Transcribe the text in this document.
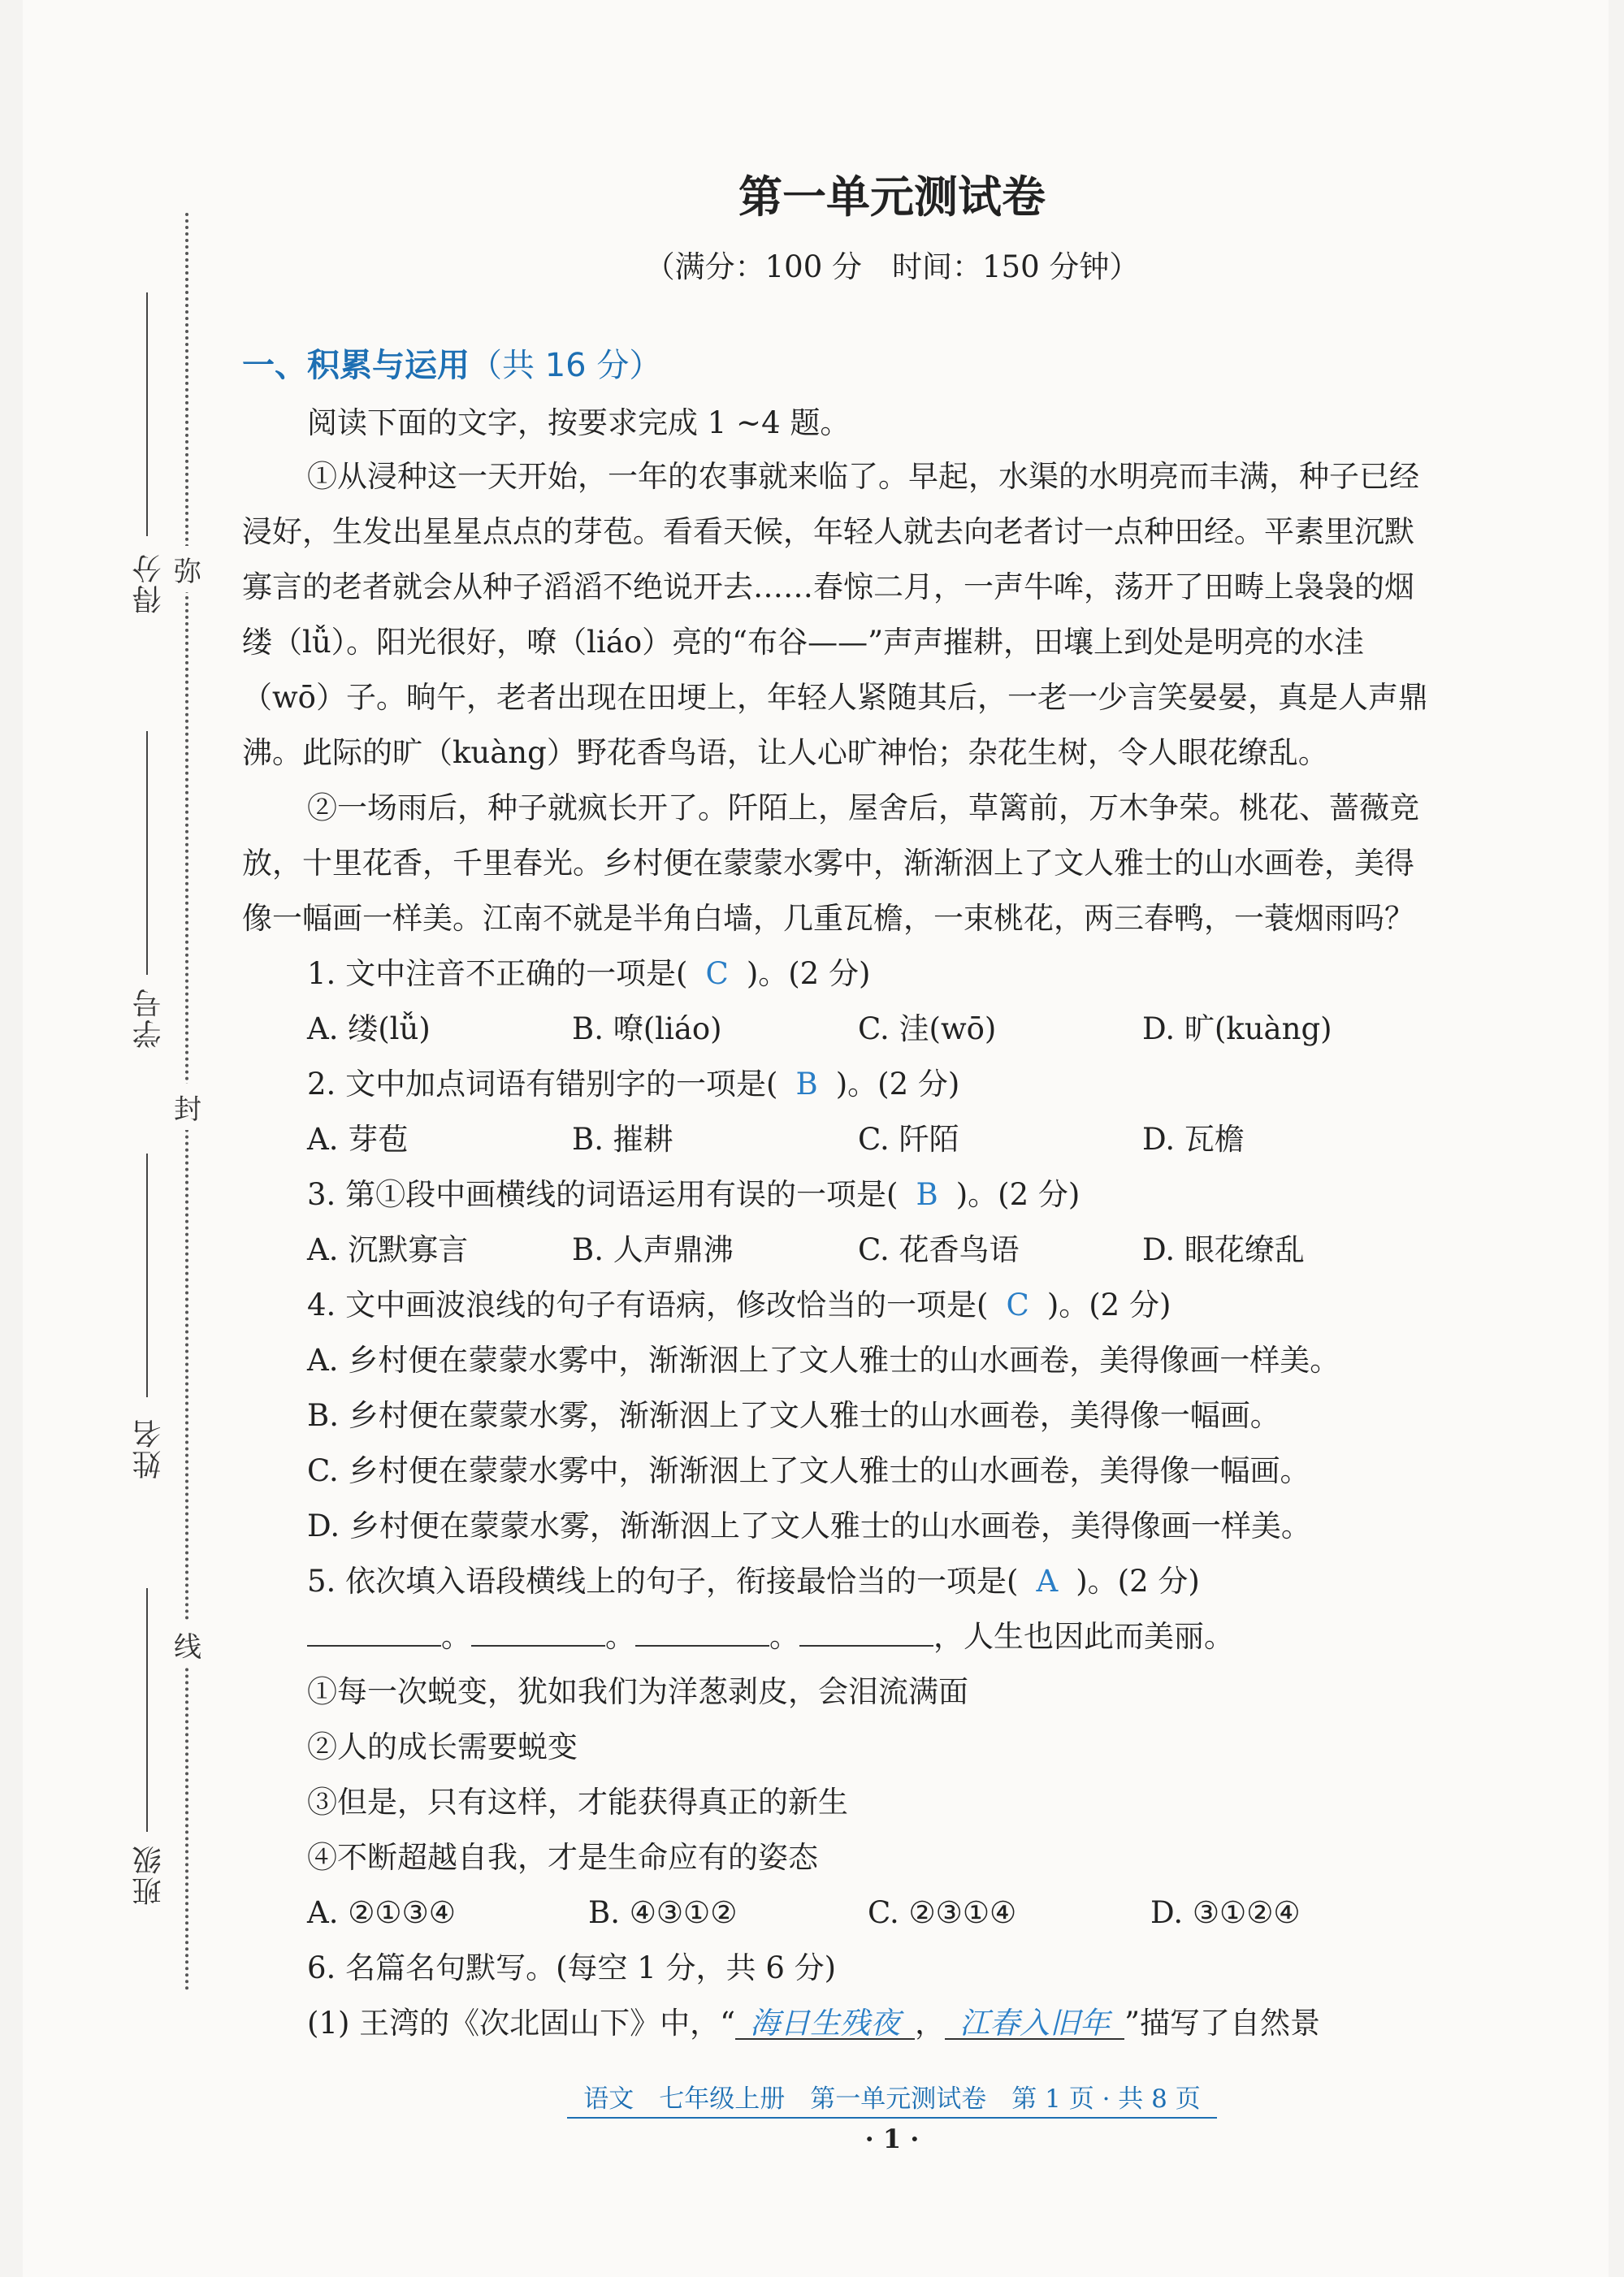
得分
学号
姓名
班级
弥
封
线
第一单元测试卷
（满分：100 分　时间：150 分钟）
一、积累与运用（共 16 分）
阅读下面的文字，按要求完成 1 ~4 题。
①从浸种这一天开始，一年的农事就来临了。早起，水渠的水明亮而丰满，种子已经
浸好，生发出星星点点的芽苞。看看天候，年轻人就去向老者讨一点种田经。平素里沉默
寡言的老者就会从种子滔滔不绝说开去……春惊二月，一声牛哞，荡开了田畴上袅袅的烟
缕（lǚ）。阳光很好，嘹（liáo）亮的“布谷——”声声摧耕，田壤上到处是明亮的水洼
（wō）子。晌午，老者出现在田埂上，年轻人紧随其后，一老一少言笑晏晏，真是人声鼎
沸。此际的旷（kuàng）野花香鸟语，让人心旷神怡；杂花生树，令人眼花缭乱。
②一场雨后，种子就疯长开了。阡陌上，屋舍后，草篱前，万木争荣。桃花、蔷薇竞
放，十里花香，千里春光。乡村便在蒙蒙水雾中，渐渐洇上了文人雅士的山水画卷，美得
像一幅画一样美。江南不就是半角白墙，几重瓦檐，一束桃花，两三春鸭，一蓑烟雨吗？
1. 文中注音不正确的一项是( C )。(2 分)
A. 缕(lǚ)	B. 嘹(liáo)	C. 洼(wō)	D. 旷(kuàng)
2. 文中加点词语有错别字的一项是( B )。(2 分)
A. 芽苞	B. 摧耕	C. 阡陌	D. 瓦檐
3. 第①段中画横线的词语运用有误的一项是( B )。(2 分)
A. 沉默寡言	B. 人声鼎沸	C. 花香鸟语	D. 眼花缭乱
4. 文中画波浪线的句子有语病，修改恰当的一项是( C )。(2 分)
A. 乡村便在蒙蒙水雾中，渐渐洇上了文人雅士的山水画卷，美得像画一样美。
B. 乡村便在蒙蒙水雾，渐渐洇上了文人雅士的山水画卷，美得像一幅画。
C. 乡村便在蒙蒙水雾中，渐渐洇上了文人雅士的山水画卷，美得像一幅画。
D. 乡村便在蒙蒙水雾，渐渐洇上了文人雅士的山水画卷，美得像画一样美。
5. 依次填入语段横线上的句子，衔接最恰当的一项是( A )。(2 分)
。	。	。	，人生也因此而美丽。
①每一次蜕变，犹如我们为洋葱剥皮，会泪流满面
②人的成长需要蜕变
③但是，只有这样，才能获得真正的新生
④不断超越自我，才是生命应有的姿态
A. ②①③④	B. ④③①②	C. ②③①④	D. ③①②④
6. 名篇名句默写。(每空 1 分，共 6 分)
(1) 王湾的《次北固山下》中，“ 海日生残夜 ， 江春入旧年 ”描写了自然景
语文　七年级上册　第一单元测试卷　第 1 页 · 共 8 页
· 1 ·
